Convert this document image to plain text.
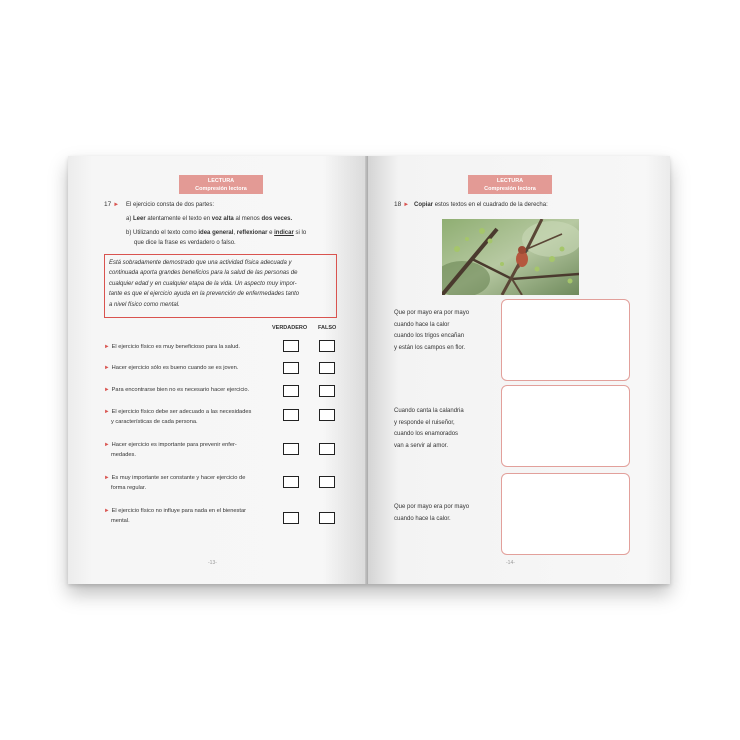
LECTURA
Compresión lectora
17 ► El ejercicio consta de dos partes:
a) Leer atentamente el texto en voz alta al menos dos veces.
b) Utilizando el texto como idea general, reflexionar e indicar si lo
que dice la frase es verdadero o falso.
Está sobradamente demostrado que una actividad física adecuada y
continuada aporta grandes beneficios para la salud de las personas de
cualquier edad y en cualquier etapa de la vida. Un aspecto muy impor-
tante es que el ejercicio ayuda en la prevención de enfermedades tanto
a nivel físico como mental.
VERDADERO FALSO
► El ejercicio físico es muy beneficioso para la salud.
► Hacer ejercicio sólo es bueno cuando se es joven.
► Para encontrarse bien no es necesario hacer ejercicio.
► El ejercicio físico debe ser adecuado a las necesidades
y características de cada persona.
► Hacer ejercicio es importante para prevenir enfer-
medades.
► Es muy importante ser constante y hacer ejercicio de
forma regular.
► El ejercicio físico no influye para nada en el bienestar
mental.
-13-
LECTURA
Compresión lectora
18 ► Copiar estos textos en el cuadrado de la derecha:
Que por mayo era por mayo
cuando hace la calor
cuando los trigos encañan
y están los campos en flor.
Cuando canta la calandria
y responde el ruiseñor,
cuando los enamorados
van a servir al amor.
Que por mayo era por mayo
cuando hace la calor.
-14-
